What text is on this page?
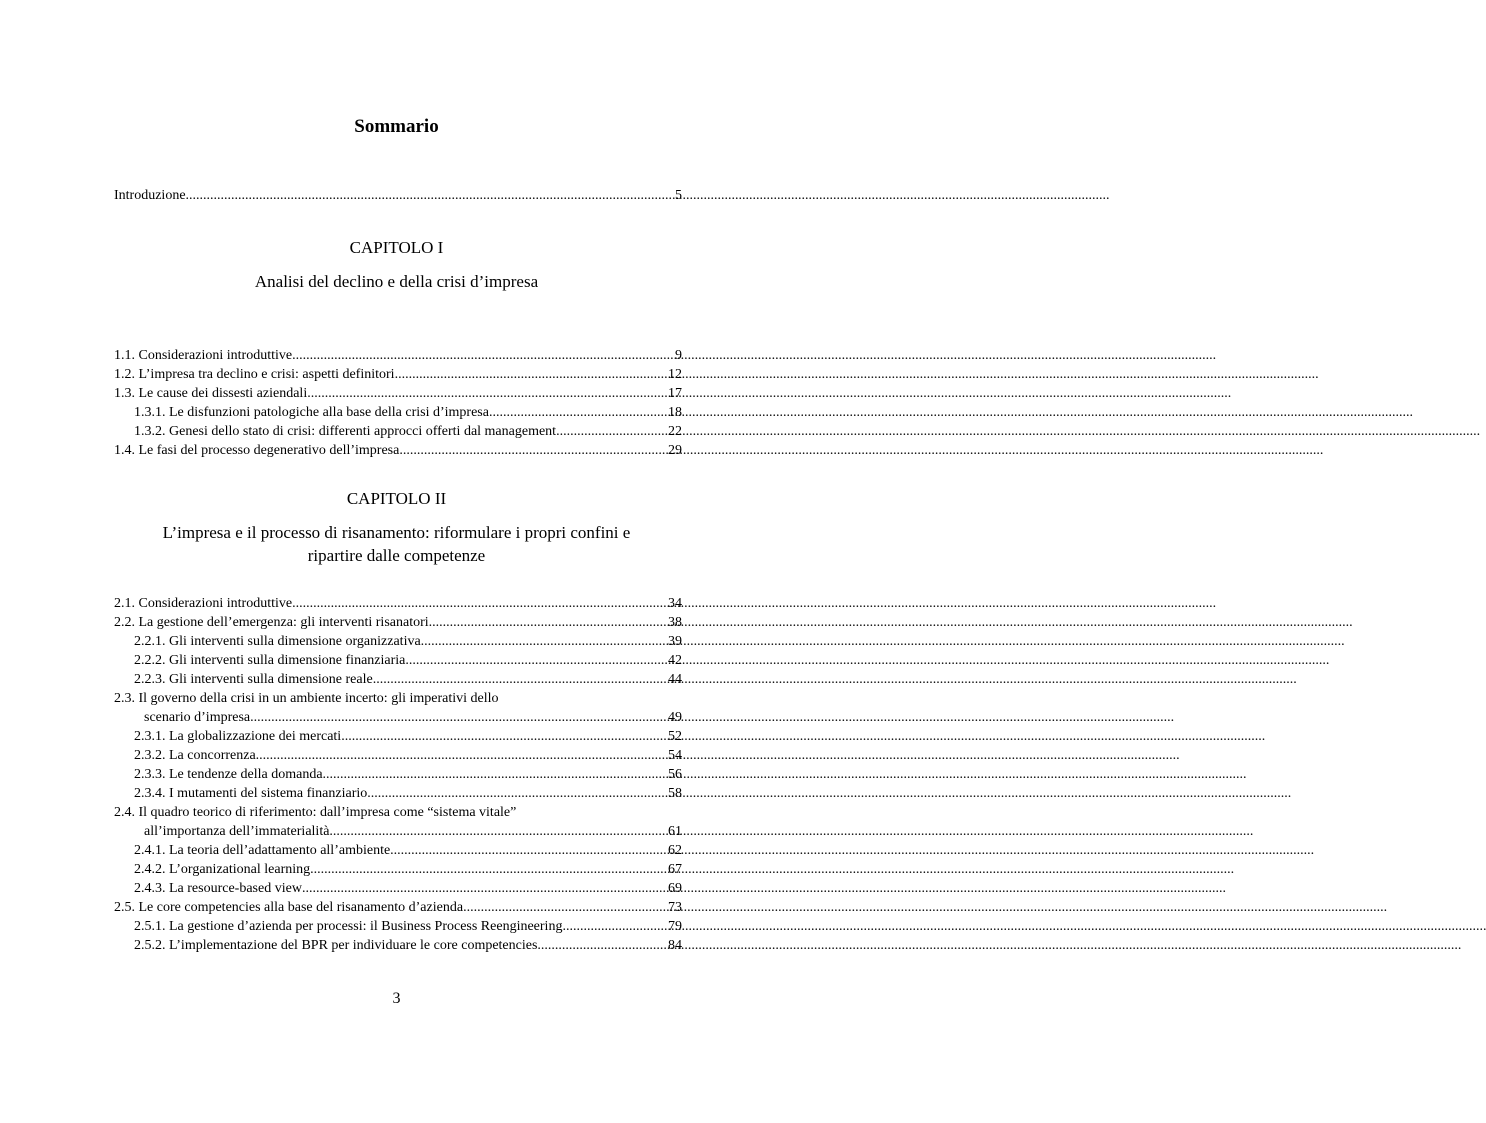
Sommario
Introduzione .....	5
CAPITOLO I
Analisi del declino e della crisi d’impresa
1.1. Considerazioni introduttive .....	9
1.2. L’impresa tra declino e crisi: aspetti definitori .....	12
1.3. Le cause dei dissesti aziendali .....	17
1.3.1. Le disfunzioni patologiche alla base della crisi d’impresa .....	18
1.3.2. Genesi dello stato di crisi: differenti approcci offerti dal management .....	22
1.4. Le fasi del processo degenerativo dell’impresa .....	29
CAPITOLO II
L’impresa e il processo di risanamento: riformulare i propri confini e
ripartire dalle competenze
2.1. Considerazioni introduttive .....	34
2.2. La gestione dell’emergenza: gli interventi risanatori .....	38
2.2.1. Gli interventi sulla dimensione organizzativa .....	39
2.2.2. Gli interventi sulla dimensione finanziaria .....	42
2.2.3. Gli interventi sulla dimensione reale .....	44
2.3. Il governo della crisi in un ambiente incerto: gli imperativi dello
scenario d’impresa .....	49
2.3.1. La globalizzazione dei mercati .....	52
2.3.2. La concorrenza .....	54
2.3.3. Le tendenze della domanda .....	56
2.3.4. I mutamenti del sistema finanziario .....	58
2.4. Il quadro teorico di riferimento: dall’impresa come “sistema vitale”
all’importanza dell’immaterialità .....	61
2.4.1. La teoria dell’adattamento all’ambiente .....	62
2.4.2. L’organizational learning .....	67
2.4.3. La resource-based view .....	69
2.5. Le core competencies alla base del risanamento d’azienda .....	73
2.5.1. La gestione d’azienda per processi: il Business Process Reengineering .....	79
2.5.2. L’implementazione del BPR per individuare le core competencies .....	84
3
